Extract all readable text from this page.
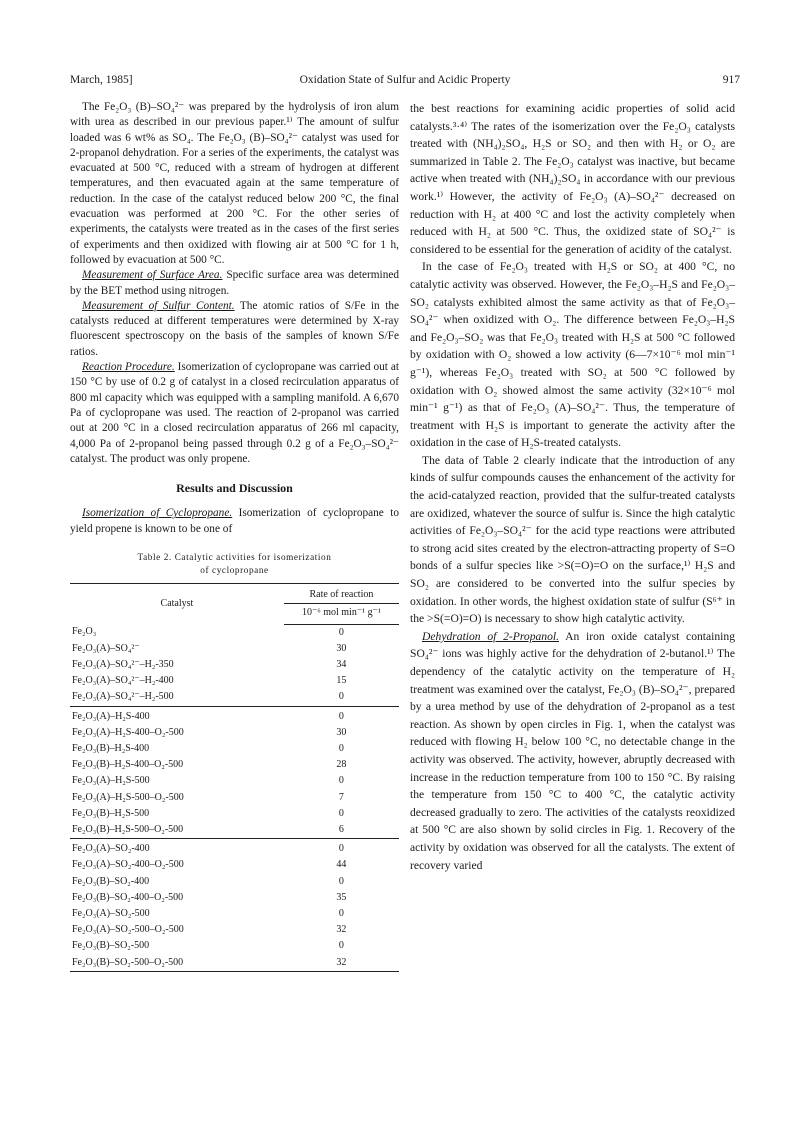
March, 1985]	Oxidation State of Sulfur and Acidic Property	917

The Fe₂O₃ (B)–SO₄²⁻ was prepared by the hydrolysis of iron alum with urea as described in our previous paper.¹⁾ The amount of sulfur loaded was 6 wt% as SO₄. The Fe₂O₃ (B)–SO₄²⁻ catalyst was used for 2-propanol dehydration. For a series of the experiments, the catalyst was evacuated at 500 °C, reduced with a stream of hydrogen at different temperatures, and then evacuated again at the same temperature of reduction. In the case of the catalyst reduced below 200 °C, the final evacuation was performed at 200 °C. For the other series of experiments, the catalysts were treated as in the cases of the first series of experiments and then oxidized with flowing air at 500 °C for 1 h, followed by evacuation at 500 °C.

Measurement of Surface Area. Specific surface area was determined by the BET method using nitrogen.

Measurement of Sulfur Content. The atomic ratios of S/Fe in the catalysts reduced at different temperatures were determined by X-ray fluorescent spectroscopy on the basis of the samples of known S/Fe ratios.

Reaction Procedure. Isomerization of cyclopropane was carried out at 150 °C by use of 0.2 g of catalyst in a closed recirculation apparatus of 800 ml capacity which was equipped with a sampling manifold. A 6,670 Pa of cyclopropane was used. The reaction of 2-propanol was carried out at 200 °C in a closed recirculation apparatus of 266 ml capacity, 4,000 Pa of 2-propanol being passed through 0.2 g of a Fe₂O₃–SO₄²⁻ catalyst. The product was only propene.

Results and Discussion

Isomerization of Cyclopropane. Isomerization of cyclopropane to yield propene is known to be one of

Table 2. Catalytic activities for isomerization
of cyclopropane
Catalyst	Rate of reaction
	10⁻⁶ mol min⁻¹ g⁻¹
Fe₂O₃	0
Fe₂O₃(A)–SO₄²⁻	30
Fe₂O₃(A)–SO₄²⁻–H₂-350	34
Fe₂O₃(A)–SO₄²⁻–H₂-400	15
Fe₂O₃(A)–SO₄²⁻–H₂-500	0
Fe₂O₃(A)–H₂S-400	0
Fe₂O₃(A)–H₂S-400–O₂-500	30
Fe₂O₃(B)–H₂S-400	0
Fe₂O₃(B)–H₂S-400–O₂-500	28
Fe₂O₃(A)–H₂S-500	0
Fe₂O₃(A)–H₂S-500–O₂-500	7
Fe₂O₃(B)–H₂S-500	0
Fe₂O₃(B)–H₂S-500–O₂-500	6
Fe₂O₃(A)–SO₂-400	0
Fe₂O₃(A)–SO₂-400–O₂-500	44
Fe₂O₃(B)–SO₂-400	0
Fe₂O₃(B)–SO₂-400–O₂-500	35
Fe₂O₃(A)–SO₂-500	0
Fe₂O₃(A)–SO₂-500–O₂-500	32
Fe₂O₃(B)–SO₂-500	0
Fe₂O₃(B)–SO₂-500–O₂-500	32

the best reactions for examining acidic properties of solid acid catalysts.³·⁴⁾ The rates of the isomerization over the Fe₂O₃ catalysts treated with (NH₄)₂SO₄, H₂S or SO₂ and then with H₂ or O₂ are summarized in Table 2. The Fe₂O₃ catalyst was inactive, but became active when treated with (NH₄)₂SO₄ in accordance with our previous work.¹⁾ However, the activity of Fe₂O₃ (A)–SO₄²⁻ decreased on reduction with H₂ at 400 °C and lost the activity completely when reduced with H₂ at 500 °C. Thus, the oxidized state of SO₄²⁻ is considered to be essential for the generation of acidity of the catalyst.

In the case of Fe₂O₃ treated with H₂S or SO₂ at 400 °C, no catalytic activity was observed. However, the Fe₂O₃–H₂S and Fe₂O₃–SO₂ catalysts exhibited almost the same activity as that of Fe₂O₃–SO₄²⁻ when oxidized with O₂. The difference between Fe₂O₃–H₂S and Fe₂O₃–SO₂ was that Fe₂O₃ treated with H₂S at 500 °C followed by oxidation with O₂ showed a low activity (6—7×10⁻⁶ mol min⁻¹ g⁻¹), whereas Fe₂O₃ treated with SO₂ at 500 °C followed by oxidation with O₂ showed almost the same activity (32×10⁻⁶ mol min⁻¹ g⁻¹) as that of Fe₂O₃ (A)–SO₄²⁻. Thus, the temperature of treatment with H₂S is important to generate the activity after the oxidation in the case of H₂S-treated catalysts.

The data of Table 2 clearly indicate that the introduction of any kinds of sulfur compounds causes the enhancement of the activity for the acid-catalyzed reaction, provided that the sulfur-treated catalysts are oxidized, whatever the source of sulfur is. Since the high catalytic activities of Fe₂O₃–SO₄²⁻ for the acid type reactions were attributed to strong acid sites created by the electron-attracting property of S=O bonds of a sulfur species like >S(=O)=O on the surface,¹⁾ H₂S and SO₂ are considered to be converted into the sulfur species by oxidation. In other words, the highest oxidation state of sulfur (S⁶⁺ in the >S(=O)=O) is necessary to show high catalytic activity.

Dehydration of 2-Propanol. An iron oxide catalyst containing SO₄²⁻ ions was highly active for the dehydration of 2-butanol.¹⁾ The dependency of the catalytic activity on the temperature of H₂ treatment was examined over the catalyst, Fe₂O₃ (B)–SO₄²⁻, prepared by a urea method by use of the dehydration of 2-propanol as a test reaction. As shown by open circles in Fig. 1, when the catalyst was reduced with flowing H₂ below 100 °C, no detectable change in the activity was observed. The activity, however, abruptly decreased with increase in the reduction temperature from 100 to 150 °C. By raising the temperature from 150 °C to 400 °C, the catalytic activity decreased gradually to zero. The activities of the catalysts reoxidized at 500 °C are also shown by solid circles in Fig. 1. Recovery of the activity by oxidation was observed for all the catalysts. The extent of recovery varied
